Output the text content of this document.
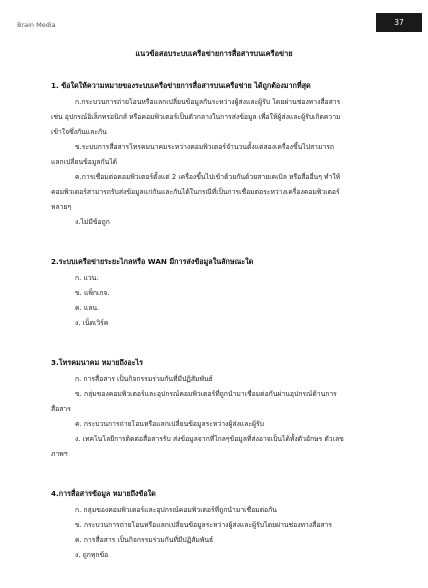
Brain Media	37
แนวข้อสอบระบบเครือข่ายการสื่อสารบนเครือข่าย
1. ข้อใดให้ความหมายของระบบเครือข่ายการสื่อสารบนเครือข่าย ได้ถูกต้องมากที่สุด
ก.กระบวนการถ่ายโอนหรือแลกเปลี่ยนข้อมูลกันระหว่างผู้ส่งและผู้รับ โดยผ่านช่องทางสื่อสาร
เช่น อุปกรณ์อิเล็กทรอนิกส์ หรือคอมพิวเตอร์เป็นตัวกลางในการส่งข้อมูล เพื่อให้ผู้ส่งและผู้รับเกิดความ
เข้าใจซึ่งกันและกัน
ข.ระบบการสื่อสารโทรคมนาคมระหว่างคอมพิวเตอร์จำนวนตั้งแต่สองเครื่องขึ้นไปสามารถ
แลกเปลี่ยนข้อมูลกันได้
ค.การเชื่อมต่อคอมพิวเตอร์ตั้งแต่ 2 เครื่องขึ้นไปเข้าด้วยกันด้วยสายเคเบิล หรือสื่ออื่นๆ ทำให้
คอมพิวเตอร์สามารถรับส่งข้อมูลแก่กันและกันได้ในกรณีที่เป็นการเชื่อมต่อระหว่างเครื่องคอมพิวเตอร์
หลายๆ
ง.ไม่มีข้อถูก
2.ระบบเครือข่ายระยะไกลหรือ WAN มีการส่งข้อมูลในลักษณะใด
ก. แวน.
ข. แพ็กเกจ.
ค. แลน.
ง. เน็ตเวิร์ค
3.โทรคมนาคม หมายถึงอะไร
ก. การสื่อสาร เป็นกิจกรรมร่วมกันที่มีปฏิสัมพันธ์
ข. กลุ่มของคอมพิวเตอร์และอุปกรณ์คอมพิวเตอร์ที่ถูกนำมาเชื่อมต่อกันผ่านอุปกรณ์ด้านการ
สื่อสาร
ค. กระบวนการถ่ายโอนหรือแลกเปลี่ยนข้อมูลระหว่างผู้ส่งและผู้รับ
ง. เทคโนโลยีการติดต่อสื่อสารรับ ส่งข้อมูลจากที่ไกลๆข้อมูลที่ส่งอาจเป็นได้ทั้งตัวอักษร ตัวเลข
ภาพฯ
4.การสื่อสารข้อมูล หมายถึงข้อใด
ก. กลุ่มของคอมพิวเตอร์และอุปกรณ์คอมพิวเตอร์ที่ถูกนำมาเชื่อมต่อกัน
ข. กระบวนการถ่ายโอนหรือแลกเปลี่ยนข้อมูลระหว่างผู้ส่งและผู้รับโดยผ่านช่องทางสื่อสาร
ค. การสื่อสาร เป็นกิจกรรมร่วมกันที่มีปฏิสัมพันธ์
ง. ถูกทุกข้อ
